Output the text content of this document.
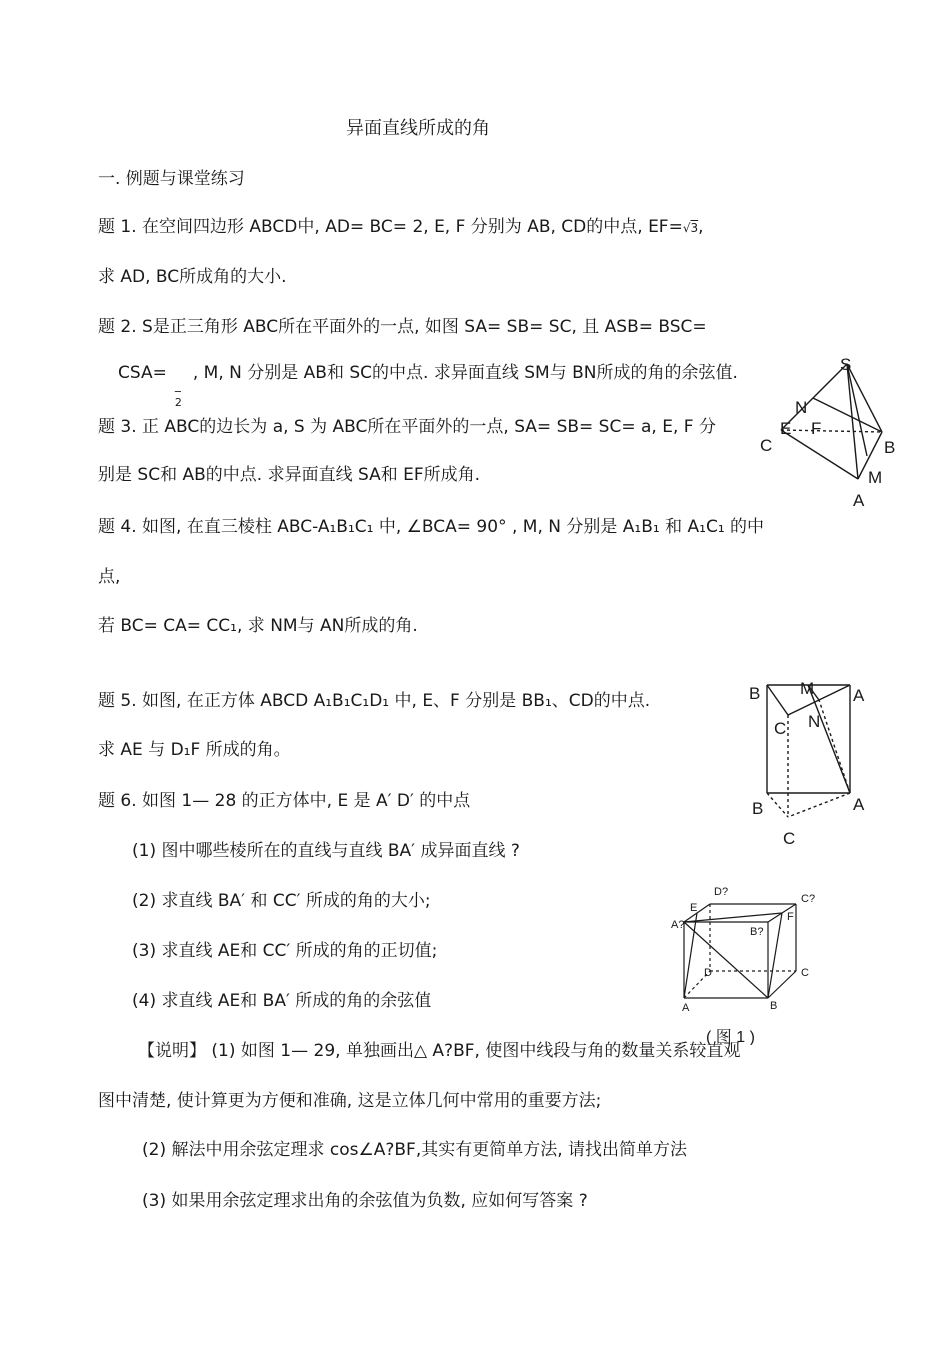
异面直线所成的角
一. 例题与课堂练习
题 1. 在空间四边形 ABCD中, AD= BC= 2, E, F 分别为 AB, CD的中点, EF=√3,
求 AD, BC所成角的大小.
题 2. S是正三角形 ABC所在平面外的一点, 如图 SA= SB= SC, 且 ASB= BSC=
CSA=
_
2
, M, N 分别是 AB和 SC的中点. 求异面直线 SM与 BN所成的角的余弦值.
题 3. 正 ABC的边长为 a, S 为 ABC所在平面外的一点, SA= SB= SC= a, E, F 分
别是 SC和 AB的中点. 求异面直线 SA和 EF所成角.
题 4. 如图, 在直三棱柱 ABC-A₁B₁C₁ 中, ∠BCA= 90° , M, N 分别是 A₁B₁ 和 A₁C₁ 的中
点,
若 BC= CA= CC₁, 求 NM与 AN所成的角.
题 5. 如图, 在正方体 ABCD A₁B₁C₁D₁ 中, E、F 分别是 BB₁、CD的中点.
求 AE 与 D₁F 所成的角。
题 6. 如图 1— 28 的正方体中, E 是 A′ D′ 的中点
(1) 图中哪些棱所在的直线与直线 BA′ 成异面直线 ?
(2) 求直线 BA′ 和 CC′ 所成的角的大小;
(3) 求直线 AE和 CC′ 所成的角的正切值;
(4) 求直线 AE和 BA′ 所成的角的余弦值
【说明】 (1) 如图 1— 29, 单独画出△ A?BF, 使图中线段与角的数量关系较直观
图中清楚, 使计算更为方便和准确, 这是立体几何中常用的重要方法;
(2) 解法中用余弦定理求 cos∠A?BF,其实有更简单方法, 请找出简单方法
(3) 如果用余弦定理求出角的余弦值为负数, 应如何写答案 ?
S
N
C
E F
B
M
A
B M A
C N
B	A
C
D?
C?
E
F
A?
B?
D	C
A	B
( 图 1 )
